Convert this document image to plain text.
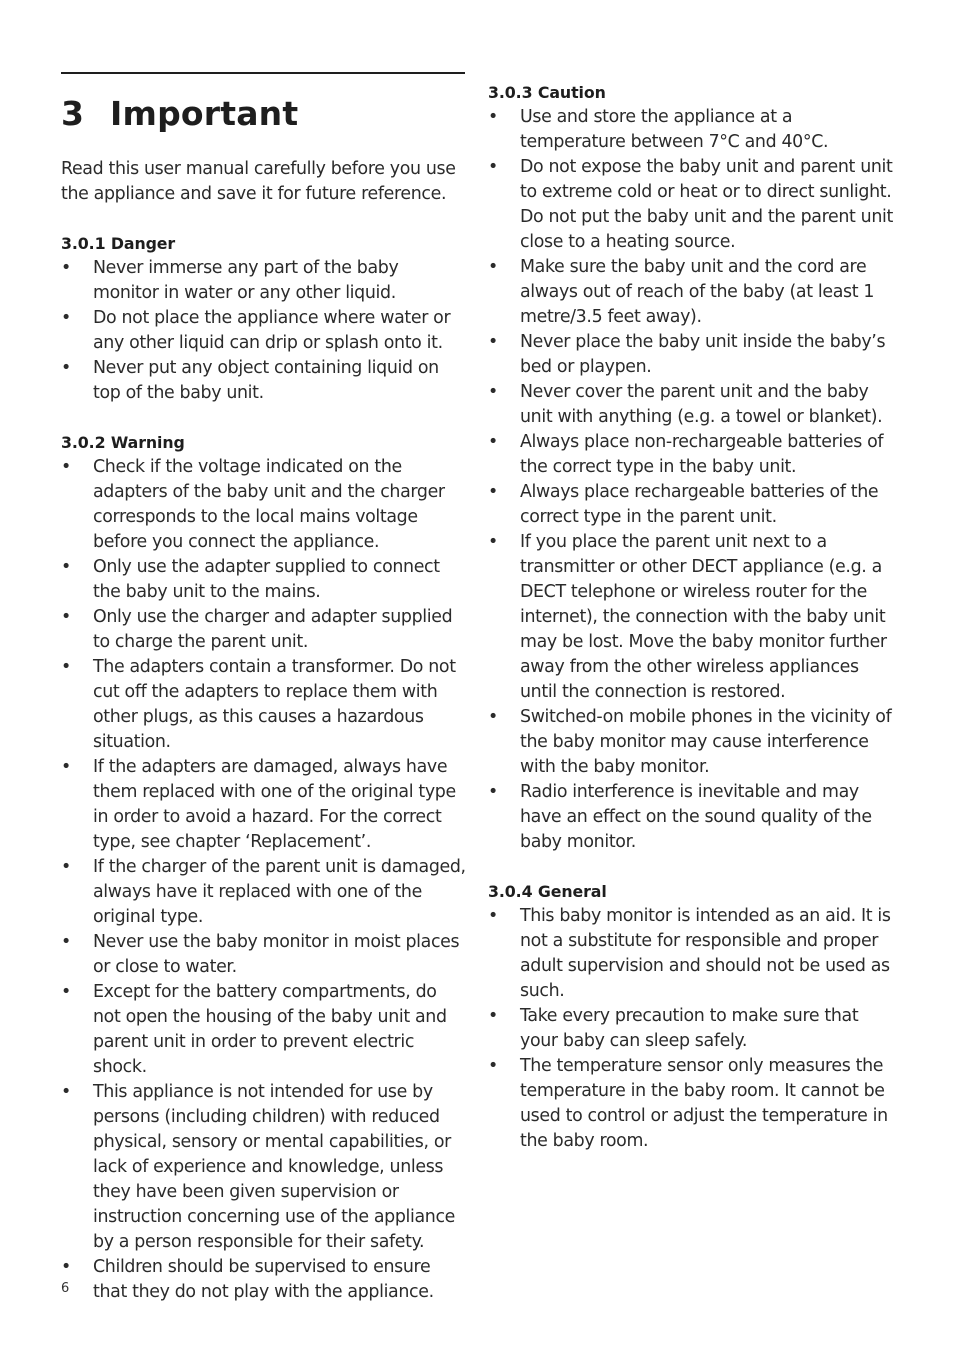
3 Important

Read this user manual carefully before you use the appliance and save it for future reference.

3.0.1 Danger
• Never immerse any part of the baby monitor in water or any other liquid.
• Do not place the appliance where water or any other liquid can drip or splash onto it.
• Never put any object containing liquid on top of the baby unit.
3.0.2 Warning
• Check if the voltage indicated on the adapters of the baby unit and the charger corresponds to the local mains voltage before you connect the appliance.
• Only use the adapter supplied to connect the baby unit to the mains.
• Only use the charger and adapter supplied to charge the parent unit.
• The adapters contain a transformer. Do not cut off the adapters to replace them with other plugs, as this causes a hazardous situation.
• If the adapters are damaged, always have them replaced with one of the original type in order to avoid a hazard. For the correct type, see chapter ‘Replacement’.
• If the charger of the parent unit is damaged, always have it replaced with one of the original type.
• Never use the baby monitor in moist places or close to water.
• Except for the battery compartments, do not open the housing of the baby unit and parent unit in order to prevent electric shock.
• This appliance is not intended for use by persons (including children) with reduced physical, sensory or mental capabilities, or lack of experience and knowledge, unless they have been given supervision or instruction concerning use of the appliance by a person responsible for their safety.
• Children should be supervised to ensure that they do not play with the appliance.
3.0.3 Caution
• Use and store the appliance at a temperature between 7°C and 40°C.
• Do not expose the baby unit and parent unit to extreme cold or heat or to direct sunlight. Do not put the baby unit and the parent unit close to a heating source.
• Make sure the baby unit and the cord are always out of reach of the baby (at least 1 metre/3.5 feet away).
• Never place the baby unit inside the baby’s bed or playpen.
• Never cover the parent unit and the baby unit with anything (e.g. a towel or blanket).
• Always place non-rechargeable batteries of the correct type in the baby unit.
• Always place rechargeable batteries of the correct type in the parent unit.
• If you place the parent unit next to a transmitter or other DECT appliance (e.g. a DECT telephone or wireless router for the internet), the connection with the baby unit may be lost. Move the baby monitor further away from the other wireless appliances until the connection is restored.
• Switched-on mobile phones in the vicinity of the baby monitor may cause interference with the baby monitor.
• Radio interference is inevitable and may have an effect on the sound quality of the baby monitor.
3.0.4 General
• This baby monitor is intended as an aid. It is not a substitute for responsible and proper adult supervision and should not be used as such.
• Take every precaution to make sure that your baby can sleep safely.
• The temperature sensor only measures the temperature in the baby room. It cannot be used to control or adjust the temperature in the baby room.
6
